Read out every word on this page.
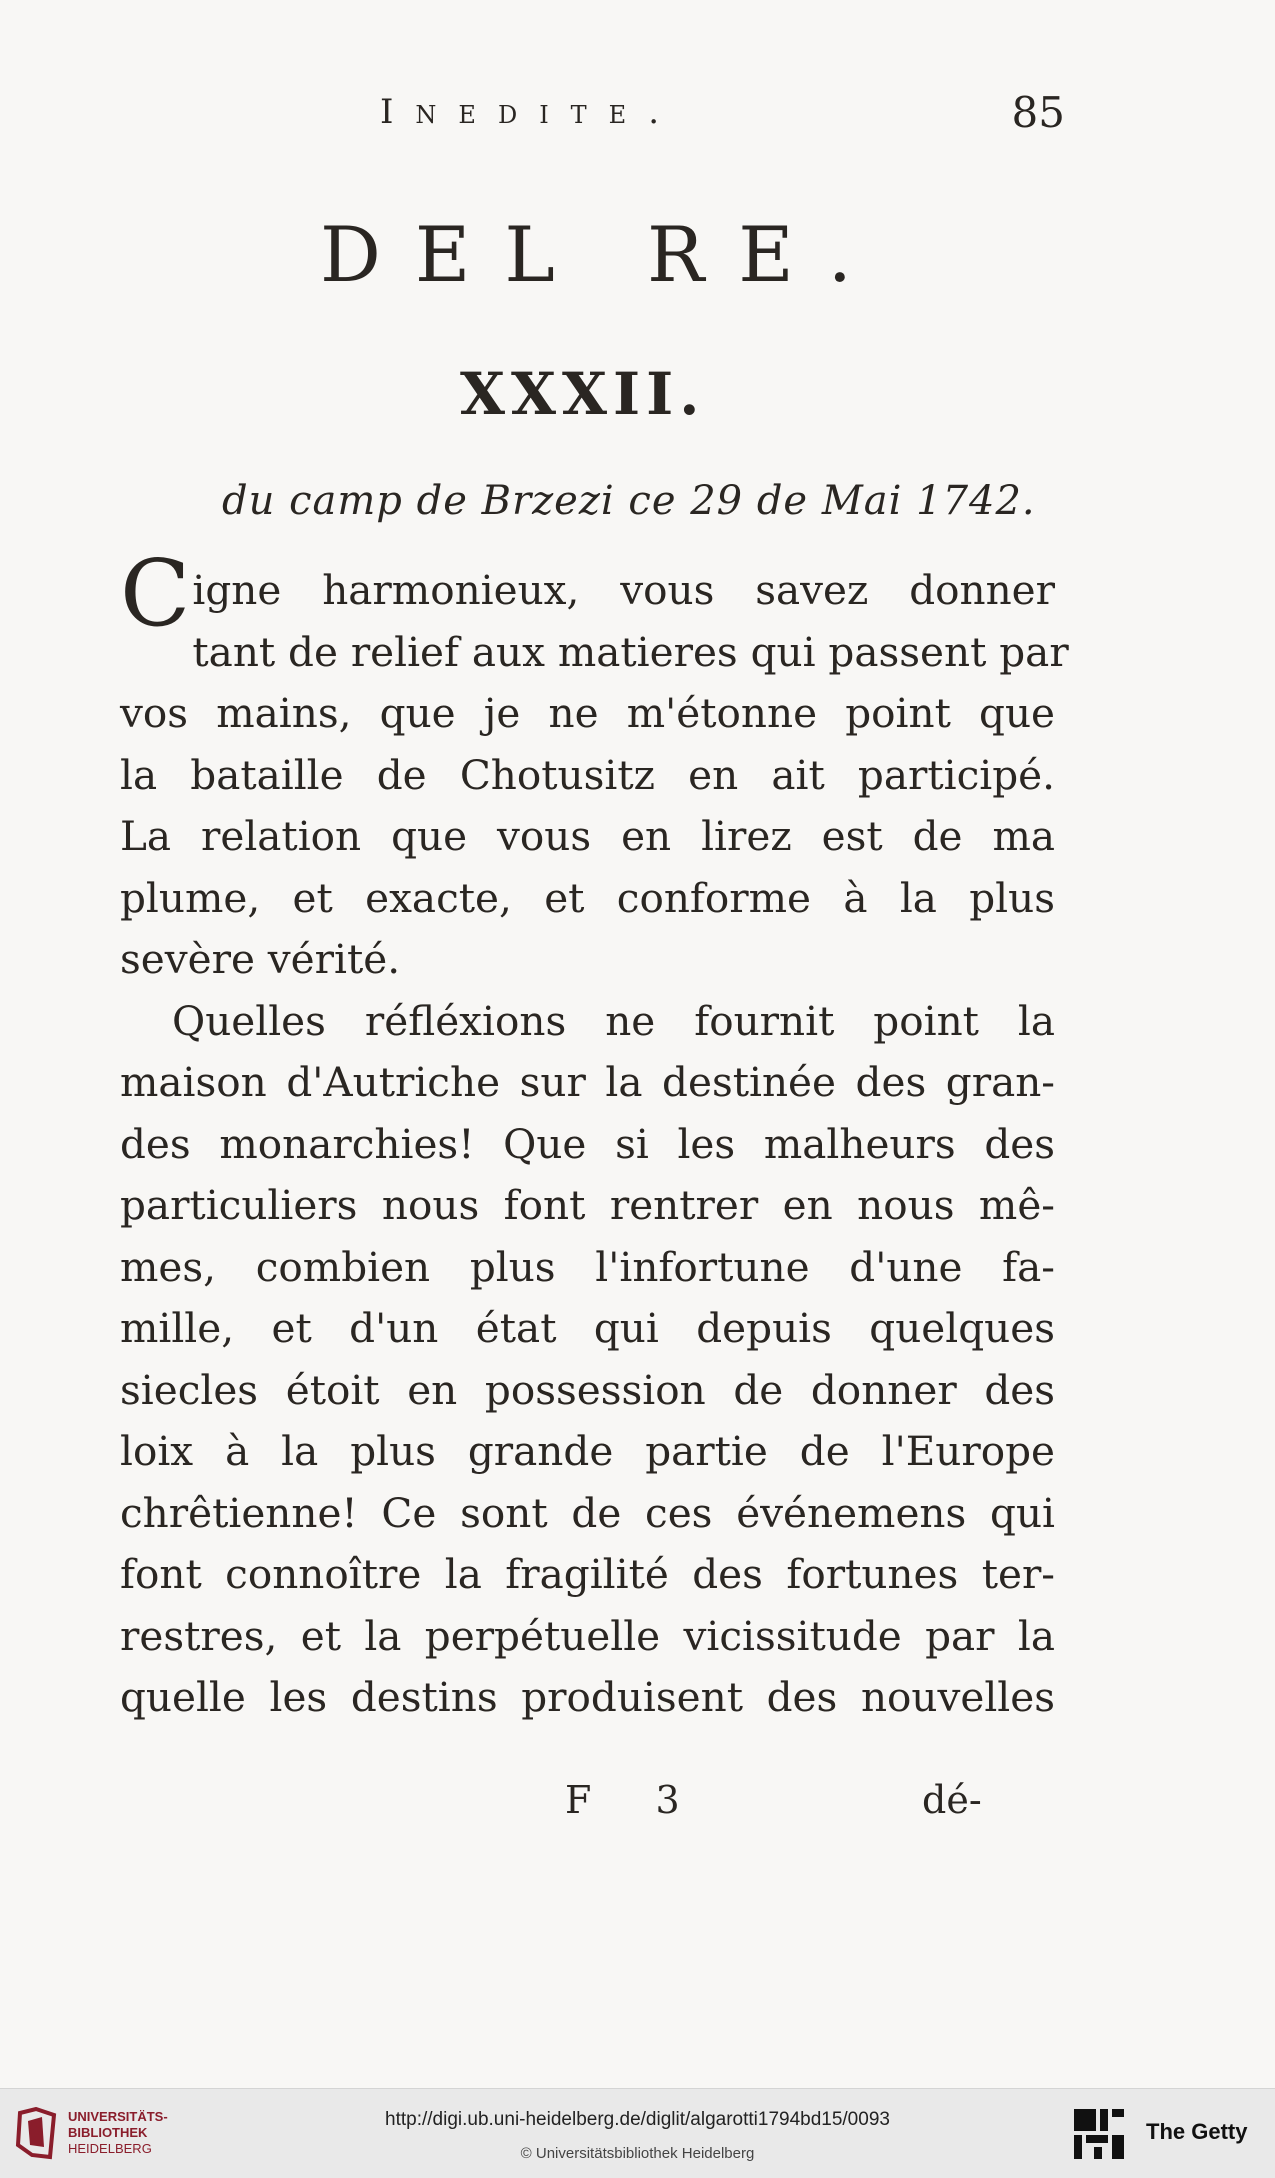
Inedite.	85
DEL RE.
XXXII.
du camp de Brzezi ce 29 de Mai 1742.
C igne harmonieux, vous savez donner
tant de relief aux matieres qui passent par
vos mains, que je ne m'étonne point que
la bataille de Chotusitz en ait participé.
La relation que vous en lirez est de ma
plume, et exacte, et conforme à la plus
sevère vérité.
Quelles réfléxions ne fournit point la
maison d'Autriche sur la destinée des gran-
des monarchies! Que si les malheurs des
particuliers nous font rentrer en nous mê-
mes, combien plus l'infortune d'une fa-
mille, et d'un état qui depuis quelques
siecles étoit en possession de donner des
loix à la plus grande partie de l'Europe
chrêtienne! Ce sont de ces événemens qui
font connoître la fragilité des fortunes ter-
restres, et la perpétuelle vicissitude par la
quelle les destins produisent des nouvelles
F 3	dé-
UNIVERSITÄTS-
BIBLIOTHEK
HEIDELBERG
http://digi.ub.uni-heidelberg.de/diglit/algarotti1794bd15/0093
© Universitätsbibliothek Heidelberg
The Getty
